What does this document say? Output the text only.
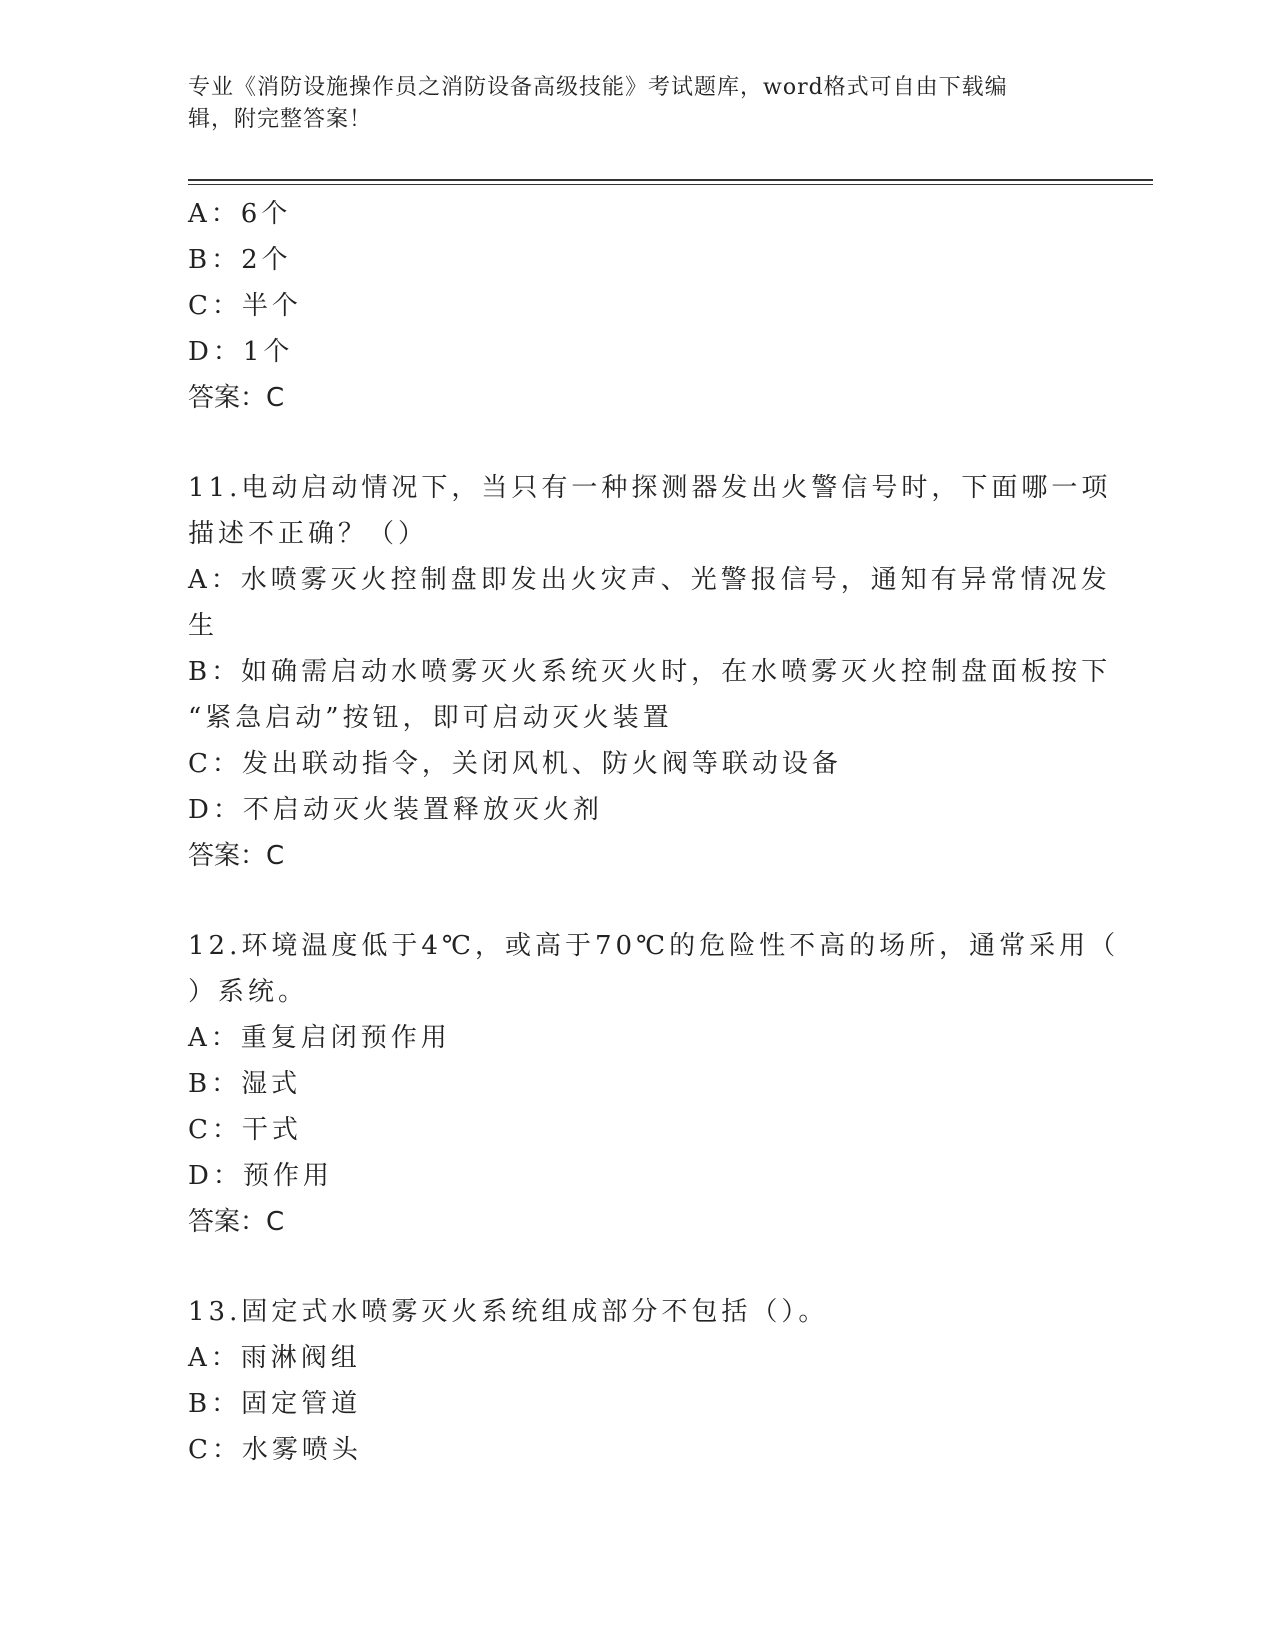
专业《消防设施操作员之消防设备高级技能》考试题库，word格式可自由下载编
辑，附完整答案！
A：6个
B：2个
C：半个
D：1个
答案：C
11.电动启动情况下，当只有一种探测器发出火警信号时，下面哪一项
描述不正确？（）
A：水喷雾灭火控制盘即发出火灾声、光警报信号，通知有异常情况发
生
B：如确需启动水喷雾灭火系统灭火时，在水喷雾灭火控制盘面板按下
“紧急启动”按钮，即可启动灭火装置
C：发出联动指令，关闭风机、防火阀等联动设备
D：不启动灭火装置释放灭火剂
答案：C
12.环境温度低于4℃，或高于70℃的危险性不高的场所，通常采用（
）系统。
A：重复启闭预作用
B：湿式
C：干式
D：预作用
答案：C
13.固定式水喷雾灭火系统组成部分不包括（）。
A：雨淋阀组
B：固定管道
C：水雾喷头
